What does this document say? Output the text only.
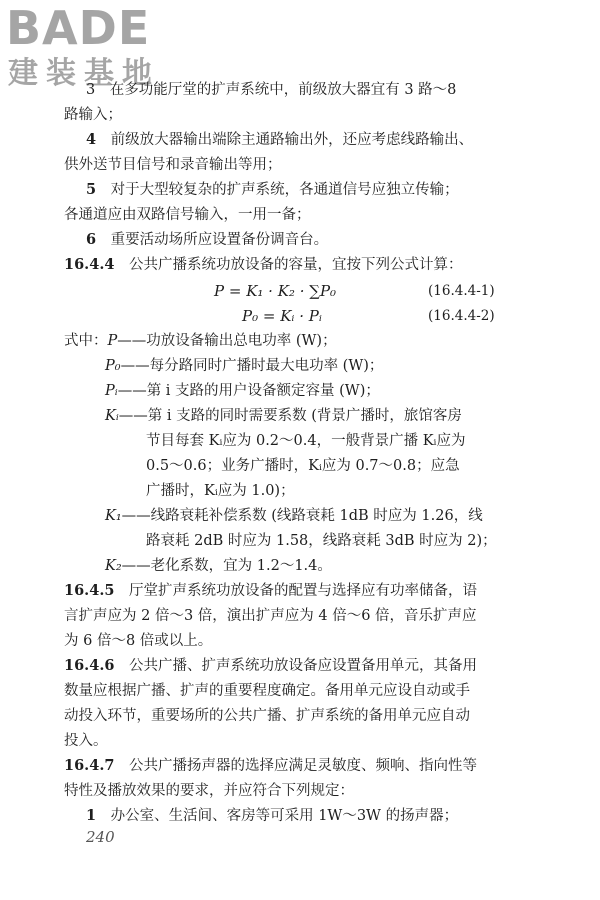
BADE
建装基地
3　在多功能厅堂的扩声系统中，前级放大器宜有 3 路～8
路输入；
4　 前级放大器输出端除主通路输出外，还应考虑线路输出、
供外送节目信号和录音输出等用；
5　 对于大型较复杂的扩声系统，各通道信号应独立传输；
各通道应由双路信号输入，一用一备；
6　 重要活动场所应设置备份调音台。
16.4.4　 公共广播系统功放设备的容量，宜按下列公式计算：
P = K₁ · K₂ · ∑P₀	(16.4.4-1)
P₀ = Kᵢ · Pᵢ	(16.4.4-2)
式中：P——功放设备输出总电功率 (W)；
P₀——每分路同时广播时最大电功率 (W)；
Pᵢ——第 i 支路的用户设备额定容量 (W)；
Kᵢ——第 i 支路的同时需要系数 (背景广播时，旅馆客房
节目每套 Kᵢ应为 0.2～0.4，一般背景广播 Kᵢ应为
0.5～0.6；业务广播时，Kᵢ应为 0.7～0.8；应急
广播时，Kᵢ应为 1.0)；
K₁——线路衰耗补偿系数 (线路衰耗 1dB 时应为 1.26，线
路衰耗 2dB 时应为 1.58，线路衰耗 3dB 时应为 2)；
K₂——老化系数，宜为 1.2～1.4。
16.4.5　 厅堂扩声系统功放设备的配置与选择应有功率储备，语
言扩声应为 2 倍～3 倍，演出扩声应为 4 倍～6 倍，音乐扩声应
为 6 倍～8 倍或以上。
16.4.6　 公共广播、扩声系统功放设备应设置备用单元，其备用
数量应根据广播、扩声的重要程度确定。备用单元应设自动或手
动投入环节，重要场所的公共广播、扩声系统的备用单元应自动
投入。
16.4.7　 公共广播扬声器的选择应满足灵敏度、频响、指向性等
特性及播放效果的要求，并应符合下列规定：
1　 办公室、生活间、客房等可采用 1W～3W 的扬声器；
240
